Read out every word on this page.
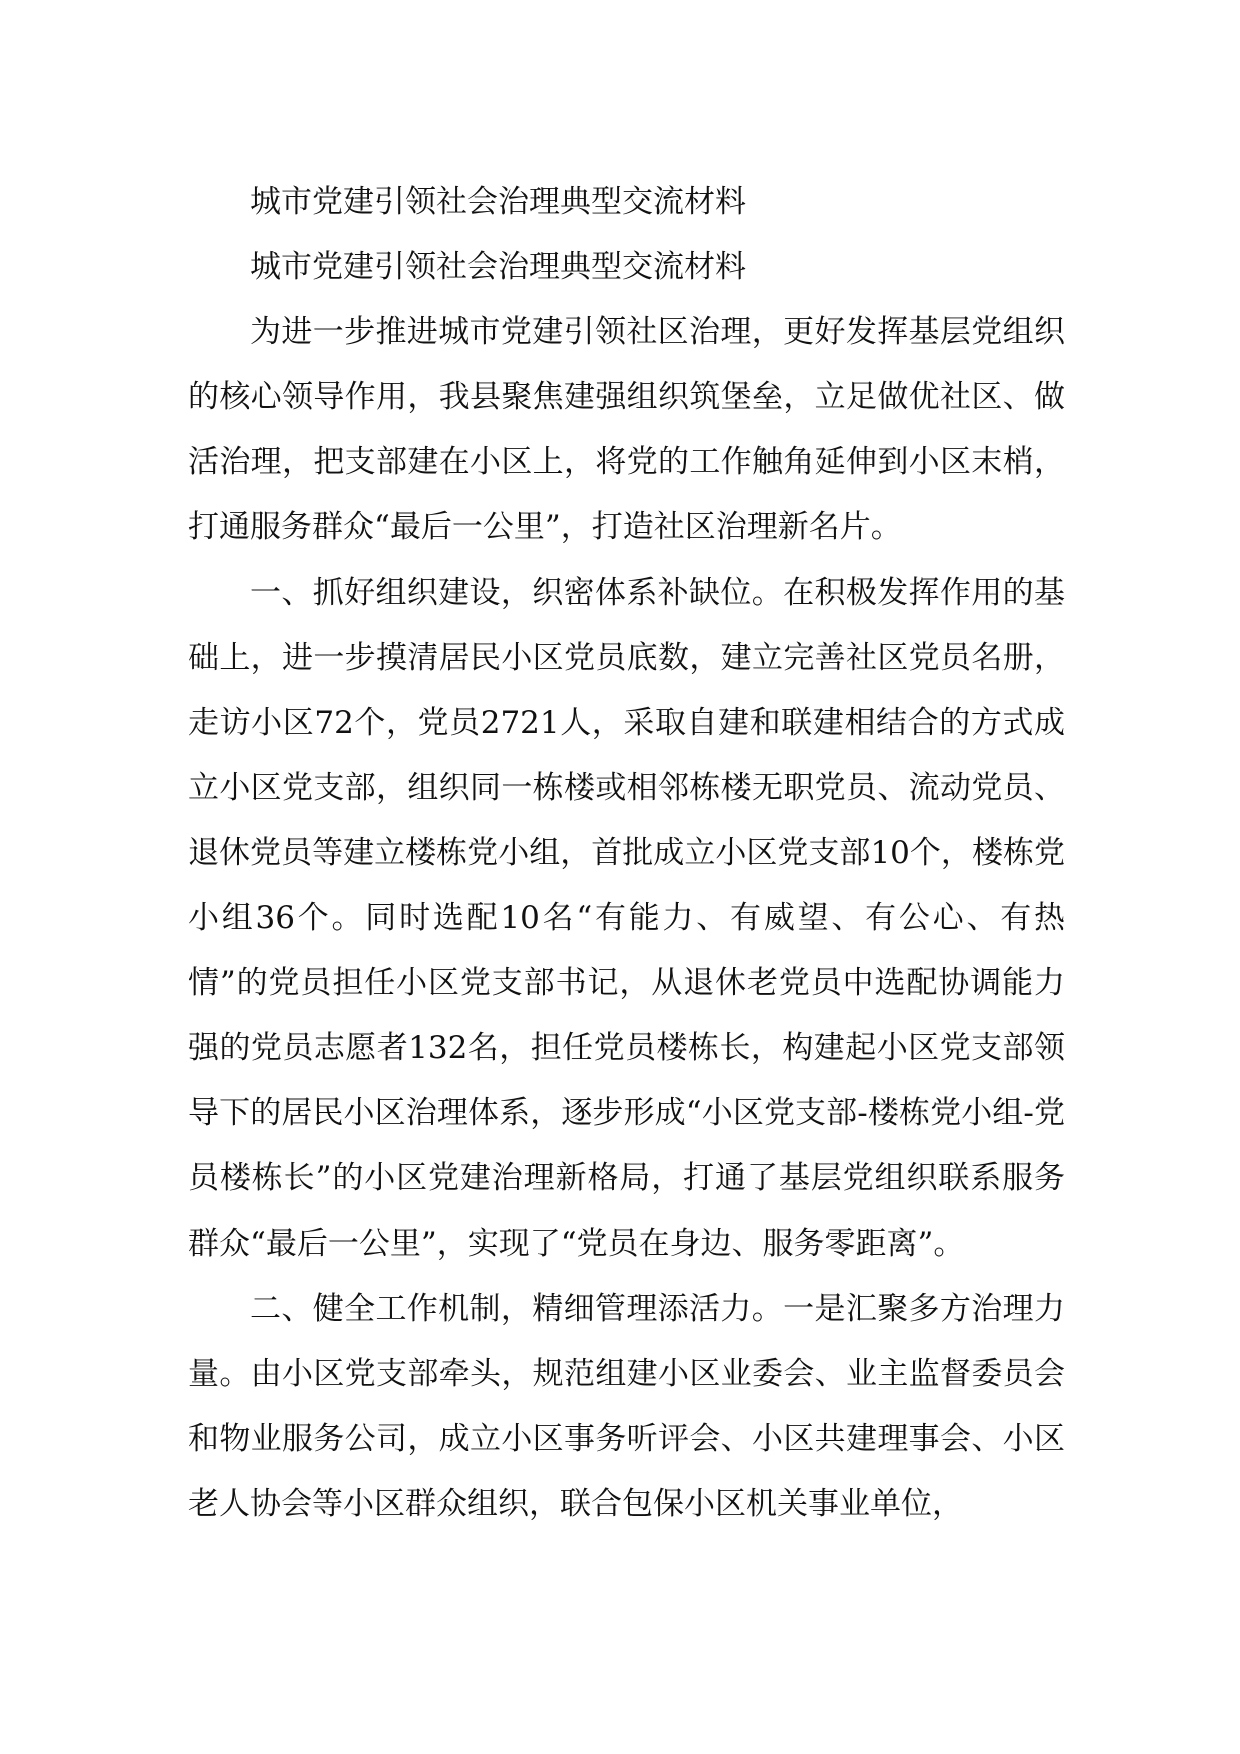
城市党建引领社会治理典型交流材料

城市党建引领社会治理典型交流材料

为进一步推进城市党建引领社区治理，更好发挥基层党组织的核心领导作用，我县聚焦建强组织筑堡垒，立足做优社区、做活治理，把支部建在小区上，将党的工作触角延伸到小区末梢，打通服务群众“最后一公里”，打造社区治理新名片。

一、抓好组织建设，织密体系补缺位。在积极发挥作用的基础上，进一步摸清居民小区党员底数，建立完善社区党员名册，走访小区72个，党员2721人，采取自建和联建相结合的方式成立小区党支部，组织同一栋楼或相邻栋楼无职党员、流动党员、退休党员等建立楼栋党小组，首批成立小区党支部10个，楼栋党小组36个。同时选配10名“有能力、有威望、有公心、有热情”的党员担任小区党支部书记，从退休老党员中选配协调能力强的党员志愿者132名，担任党员楼栋长，构建起小区党支部领导下的居民小区治理体系，逐步形成“小区党支部-楼栋党小组-党员楼栋长”的小区党建治理新格局，打通了基层党组织联系服务群众“最后一公里”，实现了“党员在身边、服务零距离”。

二、健全工作机制，精细管理添活力。一是汇聚多方治理力量。由小区党支部牵头，规范组建小区业委会、业主监督委员会和物业服务公司，成立小区事务听评会、小区共建理事会、小区老人协会等小区群众组织，联合包保小区机关事业单位，
